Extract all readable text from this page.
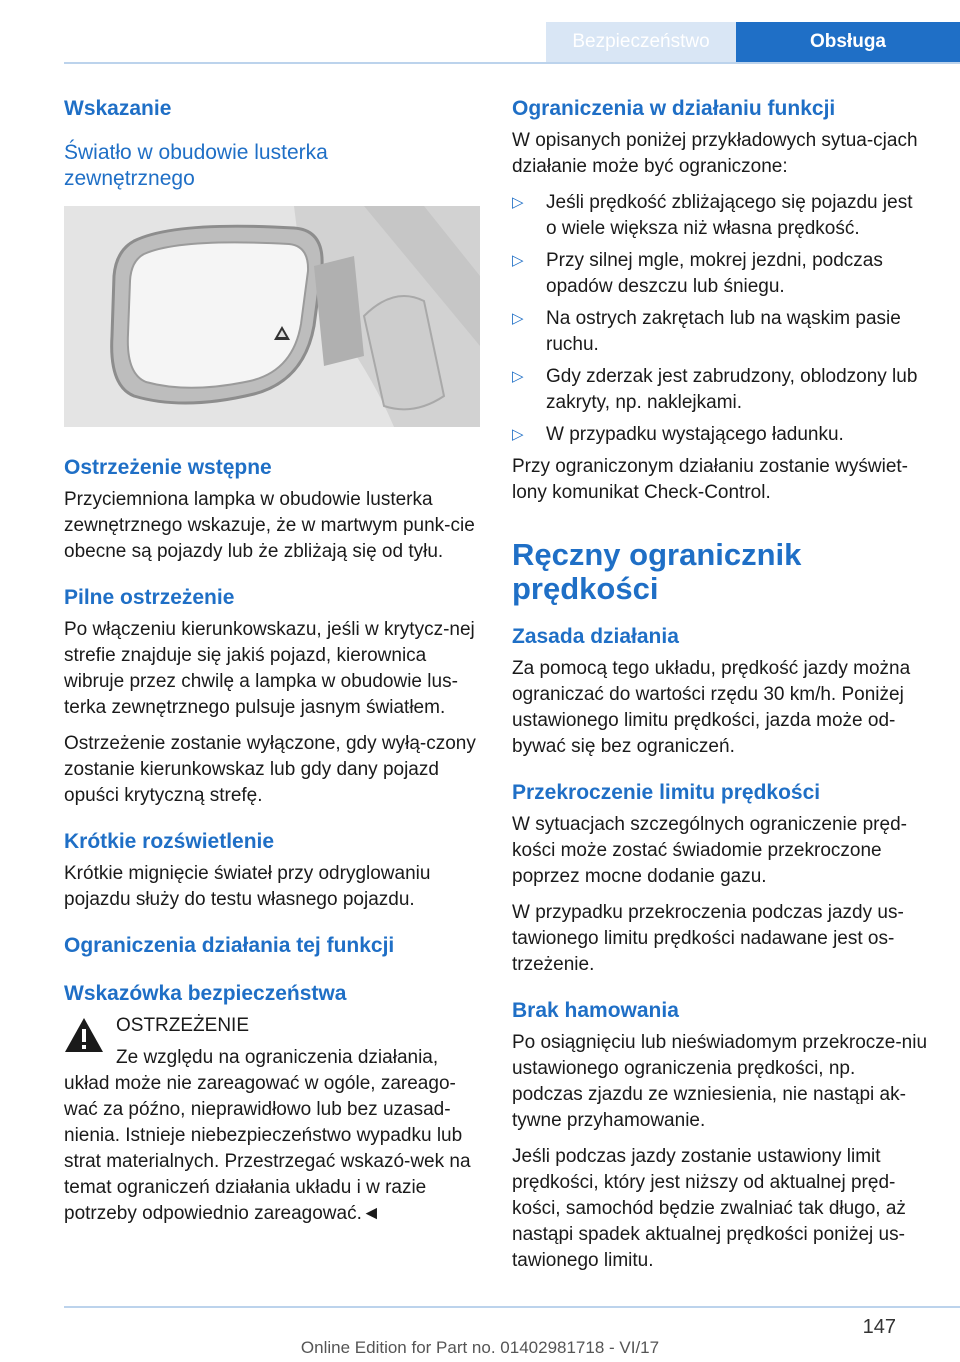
Bezpieczeństwo	Obsługa
Wskazanie
Światło w obudowie lusterka zewnętrznego
Ostrzeżenie wstępne

Przyciemniona lampka w obudowie lusterka zewnętrznego wskazuje, że w martwym punk-cie obecne są pojazdy lub że zbliżają się od tyłu.

Pilne ostrzeżenie

Po włączeniu kierunkowskazu, jeśli w krytycz-nej strefie znajduje się jakiś pojazd, kierownica wibruje przez chwilę a lampka w obudowie lus-terka zewnętrznego pulsuje jasnym światłem.

Ostrzeżenie zostanie wyłączone, gdy wyłą-czony zostanie kierunkowskaz lub gdy dany pojazd opuści krytyczną strefę.

Krótkie rozświetlenie

Krótkie mignięcie świateł przy odryglowaniu pojazdu służy do testu własnego pojazdu.

Ograniczenia działania tej funkcji
Wskazówka bezpieczeństwa

OSTRZEŻENIE

Ze względu na ograniczenia działania,

układ może nie zareagować w ogóle, zareago-wać za późno, nieprawidłowo lub bez uzasad-nienia. Istnieje niebezpieczeństwo wypadku lub strat materialnych. Przestrzegać wskazó-wek na temat ograniczeń działania układu i w razie potrzeby odpowiednio zareagować.◄

Ograniczenia w działaniu funkcji

W opisanych poniżej przykładowych sytua-cjach działanie może być ograniczone:

▷ Jeśli prędkość zbliżającego się pojazdu jest o wiele większa niż własna prędkość.
▷ Przy silnej mgle, mokrej jezdni, podczas opadów deszczu lub śniegu.
▷ Na ostrych zakrętach lub na wąskim pasie ruchu.
▷ Gdy zderzak jest zabrudzony, oblodzony lub zakryty, np. naklejkami.
▷ W przypadku wystającego ładunku.

Przy ograniczonym działaniu zostanie wyświet-lony komunikat Check-Control.

Ręczny ogranicznik prędkości
Zasada działania

Za pomocą tego układu, prędkość jazdy można ograniczać do wartości rzędu 30 km/h. Poniżej ustawionego limitu prędkości, jazda może od-bywać się bez ograniczeń.

Przekroczenie limitu prędkości

W sytuacjach szczególnych ograniczenie pręd-kości może zostać świadomie przekroczone poprzez mocne dodanie gazu.

W przypadku przekroczenia podczas jazdy us-tawionego limitu prędkości nadawane jest os-trzeżenie.

Brak hamowania

Po osiągnięciu lub nieświadomym przekrocze-niu ustawionego ograniczenia prędkości, np. podczas zjazdu ze wzniesienia, nie nastąpi ak-tywne przyhamowanie.

Jeśli podczas jazdy zostanie ustawiony limit prędkości, który jest niższy od aktualnej pręd-kości, samochód będzie zwalniać tak długo, aż nastąpi spadek aktualnej prędkości poniżej us-tawionego limitu.

147
Online Edition for Part no. 01402981718 - VI/17
